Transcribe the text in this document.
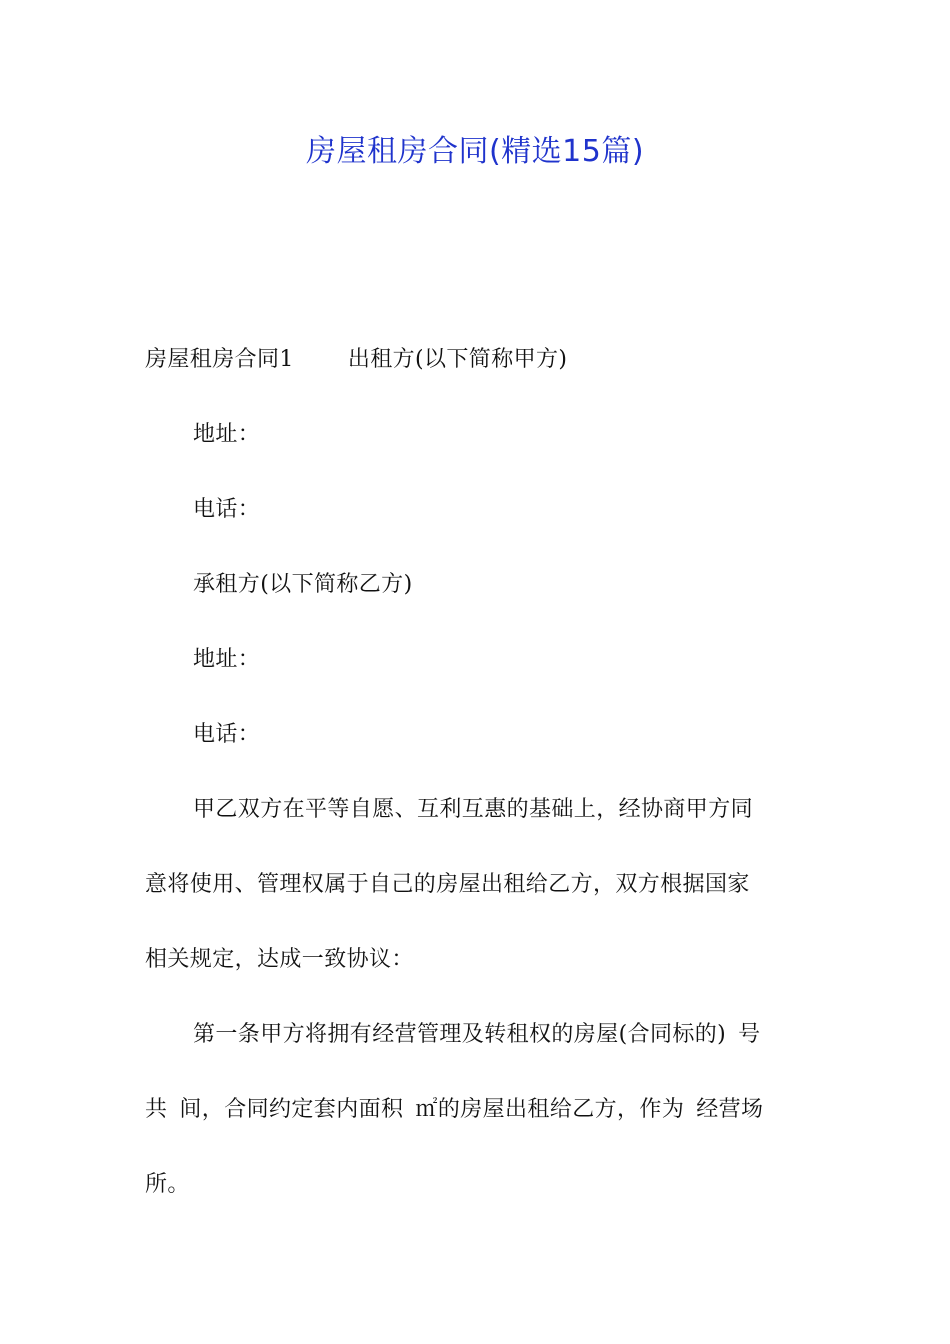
房屋租房合同(精选15篇)
房屋租房合同1 出租方(以下简称甲方)
地址：
电话：
承租方(以下简称乙方)
地址：
电话：
甲乙双方在平等自愿、互利互惠的基础上，经协商甲方同
意将使用、管理权属于自己的房屋出租给乙方，双方根据国家
相关规定，达成一致协议：
第一条甲方将拥有经营管理及转租权的房屋(合同标的) 号
共 间，合同约定套内面积 ㎡的房屋出租给乙方，作为 经营场
所。
